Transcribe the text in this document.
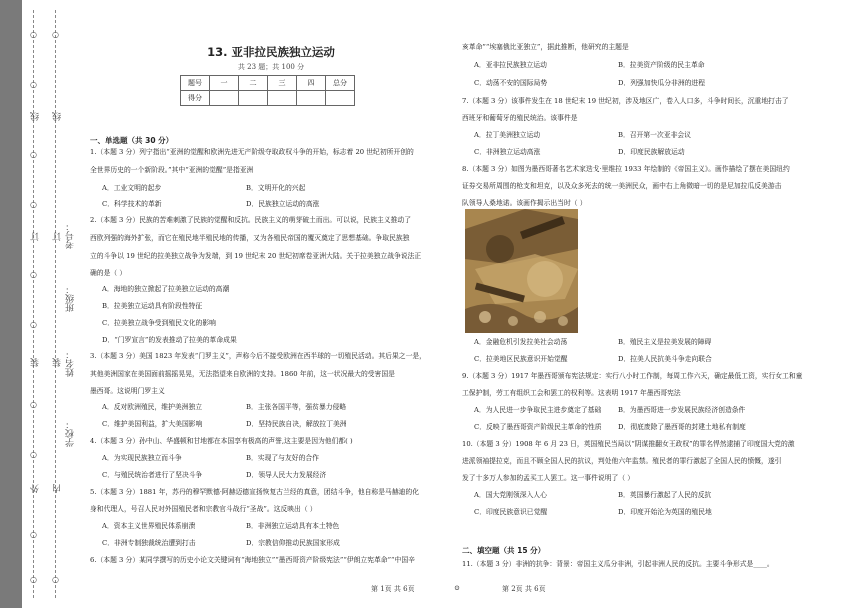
○
○
线
○
○
订
○
○
装
○
○
外
○
○
○
线
订
装
内
○
学校：
姓名：
班级：
考号：
13. 亚非拉民族独立运动
共 23 题；共 100 分
题号	一	二	三	四	总分
得分					
一、单选题（共 30 分）
1.（本题 3 分）列宁指出“亚洲的觉醒和欧洲先进无产阶级夺取政权斗争的开始，标志着 20 世纪初所开创的
全世界历史的一个新阶段。”其中“亚洲的觉醒”是指亚洲
A．工业文明的起步	B．文明开化的兴起
C．科学技术的革新	D．民族独立运动的高涨
2.（本题 3 分）民族的苦难刺激了民族的觉醒和反抗。民族主义的萌芽破土而出。可以说，民族主义推动了
西欧列强的海外扩张，而它在殖民地半殖民地的传播，又为各殖民帝国的覆灭奠定了思想基础。争取民族独
立的斗争以 19 世纪的拉美独立战争为发端，到 19 世纪末 20 世纪初席卷亚洲大陆。关于拉美独立战争说法正
确的是（ ）
A．海地的独立掀起了拉美独立运动的高潮
B．拉美独立运动具有阶段性特征
C．拉美独立战争受到殖民文化的影响
D．“门罗宣言”的发表推动了拉美的革命成果
3.（本题 3 分）美国 1823 年发表“门罗主义”，声称今后不接受欧洲在西半球的一切殖民活动。其后果之一是，
其他美洲国家在美国面前摇摇晃晃，无法指望来自欧洲的支持。1860 年前，这一状况最大的受害国是
墨西哥。这说明门罗主义
A．反对欧洲殖民，维护美洲独立	B．主张各国平等，强贫暴力侵略
C．维护美国利益，扩大美国影响	D．坚持民族自决，解放拉丁美洲
4.（本题 3 分）孙中山、华盛顿和甘地都在本国享有极高的声誉,这主要是因为他们都( )
A．为实现民族独立而斗争	B．实现了与友好的合作
C．与殖民统治者进行了坚决斗争	D．领导人民大力发展经济
5.（本题 3 分）1881 年，苏丹的穆罕默德·阿赫迈德宣扬恢复古兰经的真意，团结斗争，他自称是马赫迪的化
身和代理人，号召人民对外国殖民者和宗教官斗战行“圣战”。这反映出（ ）
A．资本主义世界殖民体系崩溃	B．非洲独立运动具有本土特色
C．非洲专制独裁统治遭到打击	D．宗教信仰推动民族国家形成
6.（本题 3 分）某同学撰写的历史小论文关键词有“海地独立”“墨西哥资产阶级宪法”“伊朗立宪革命”“中国辛
第 1页 共 6页
亥革命”“埃塞俄比亚独立”，据此推断，他研究的主题是
A．亚非拉民族独立运动	B．拉美资产阶级的民主革命
C．动荡不安的国际局势	D．列强加快瓜分非洲的进程
7.（本题 3 分）该事件发生在 18 世纪末 19 世纪初，涉及地区广，卷入人口多，斗争时间长，沉重地打击了
西班牙和葡萄牙的殖民统治。该事件是
A．拉丁美洲独立运动	B．召开第一次亚非会议
C．非洲独立运动高涨	D．印度民族解放运动
8.（本题 3 分）如图为墨西哥著名艺术家迭戈·里维拉 1933 年绘制的《帝国主义》。画作描绘了摆在美国纽约
证券交易所周围的枪支和坦克，以及众多死去的统一美洲民众，画中右上角微暗一切的是尼加拉瓜反美游击
队领导人桑地诺。该画作揭示出当时（ ）
A．金融危机引发拉美社会动荡	B．殖民主义是拉美发展的障碍
C．拉美地区民族意识开始觉醒	D．拉美人民抗美斗争走向联合
9.（本题 3 分）1917 年墨西哥颁布宪法规定：实行八小时工作制，每周工作六天，确定最低工资，实行女工和童
工保护制，劳工有组织工会和罢工的权利等。这表明 1917 年墨西哥宪法
A．为人民进一步争取民主进步奠定了基础 B．为墨西哥进一步发展民族经济创造条件
C．反映了墨西哥资产阶级民主革命的性质 D．彻底废除了墨西哥的封建土地私有制度
10.（本题 3 分）1908 年 6 月 23 日，英国殖民当局以“阴谋推翻女王政权”的罪名悍然逮捕了印度国大党的激
进派领袖提拉克，而且不顾全国人民的抗议，判处他六年监禁。殖民者的罪行激起了全国人民的愤慨，遂引
发了十多万人参加的孟买工人罢工。这一事件说明了（ ）
A．国大党刚领深入人心	B．英国暴行激起了人民的反抗
C．印度民族意识已觉醒	D．印度开始沦为英国的殖民地
二、填空题（共 15 分）
11.（本题 3 分）非洲的抗争：背景：帝国主义瓜分非洲，引起非洲人民的反抗。主要斗争形式是____。
⊙	第 2页 共 6页
